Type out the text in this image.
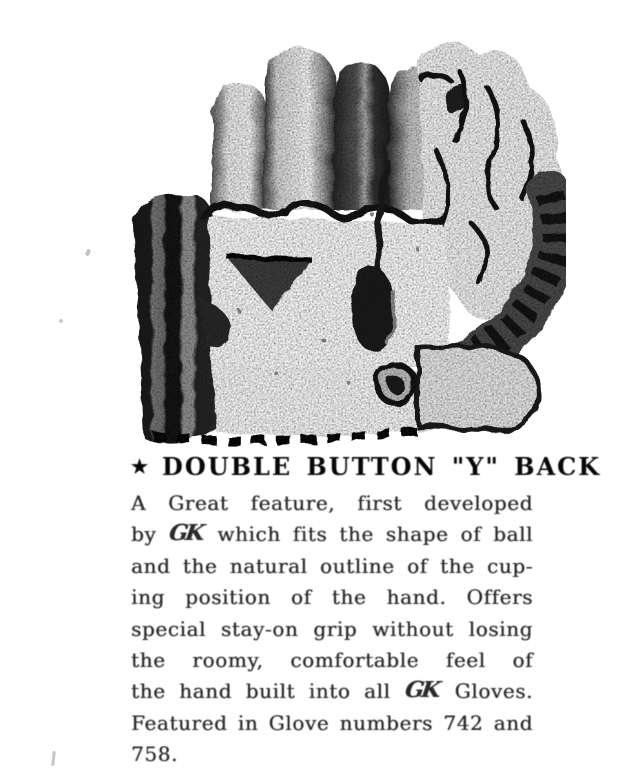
★ DOUBLE BUTTON "Y" BACK
A Great feature, first developed
by GK which fits the shape of ball
and the natural outline of the cup-
ing position of the hand. Offers
special stay-on grip without losing
the roomy, comfortable feel of
the hand built into all GK Gloves.
Featured in Glove numbers 742 and
758.
